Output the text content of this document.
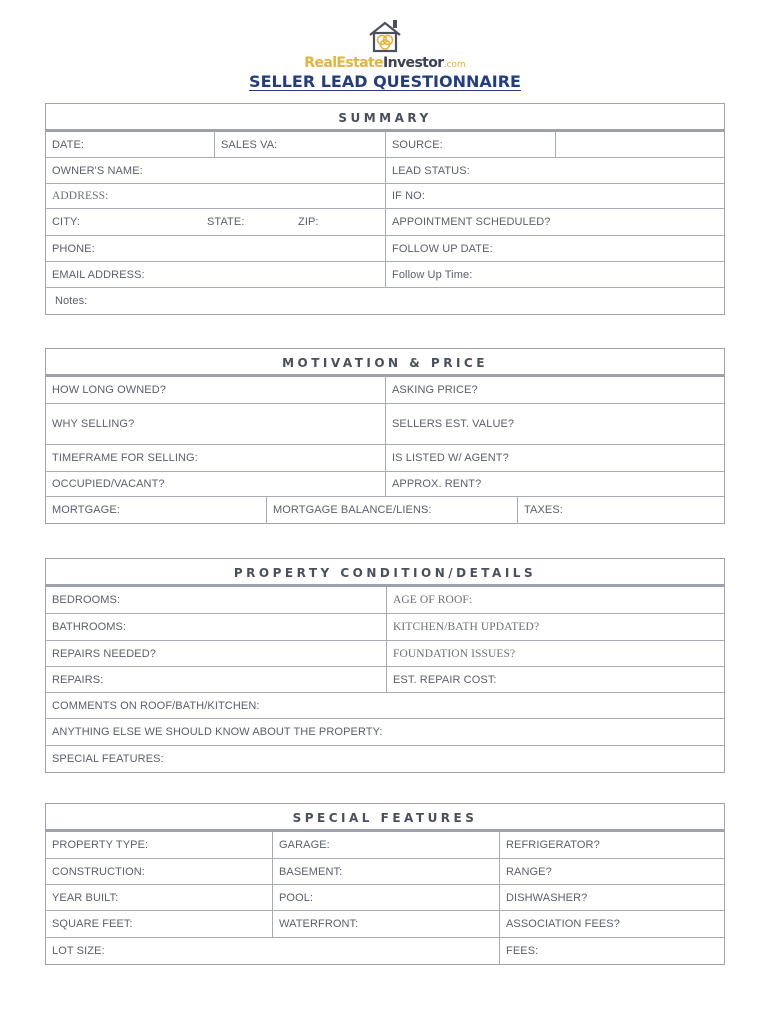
RealEstateInvestor.com
SELLER LEAD QUESTIONNAIRE
SUMMARY
DATE:	SALES VA:	SOURCE:
OWNER'S NAME:	LEAD STATUS:
ADDRESS:	IF NO:
CITY:	STATE:	ZIP:	APPOINTMENT SCHEDULED?
PHONE:	FOLLOW UP DATE:
EMAIL ADDRESS:	Follow Up Time:
Notes:
MOTIVATION & PRICE
HOW LONG OWNED?	ASKING PRICE?
WHY SELLING?	SELLERS EST. VALUE?
TIMEFRAME FOR SELLING:	IS LISTED W/ AGENT?
OCCUPIED/VACANT?	APPROX. RENT?
MORTGAGE:	MORTGAGE BALANCE/LIENS:	TAXES:
PROPERTY CONDITION/DETAILS
BEDROOMS:	AGE OF ROOF:
BATHROOMS:	KITCHEN/BATH UPDATED?
REPAIRS NEEDED?	FOUNDATION ISSUES?
REPAIRS:	EST. REPAIR COST:
COMMENTS ON ROOF/BATH/KITCHEN:
ANYTHING ELSE WE SHOULD KNOW ABOUT THE PROPERTY:
SPECIAL FEATURES:
SPECIAL FEATURES
PROPERTY TYPE:	GARAGE:	REFRIGERATOR?
CONSTRUCTION:	BASEMENT:	RANGE?
YEAR BUILT:	POOL:	DISHWASHER?
SQUARE FEET:	WATERFRONT:	ASSOCIATION FEES?
LOT SIZE:	FEES:
